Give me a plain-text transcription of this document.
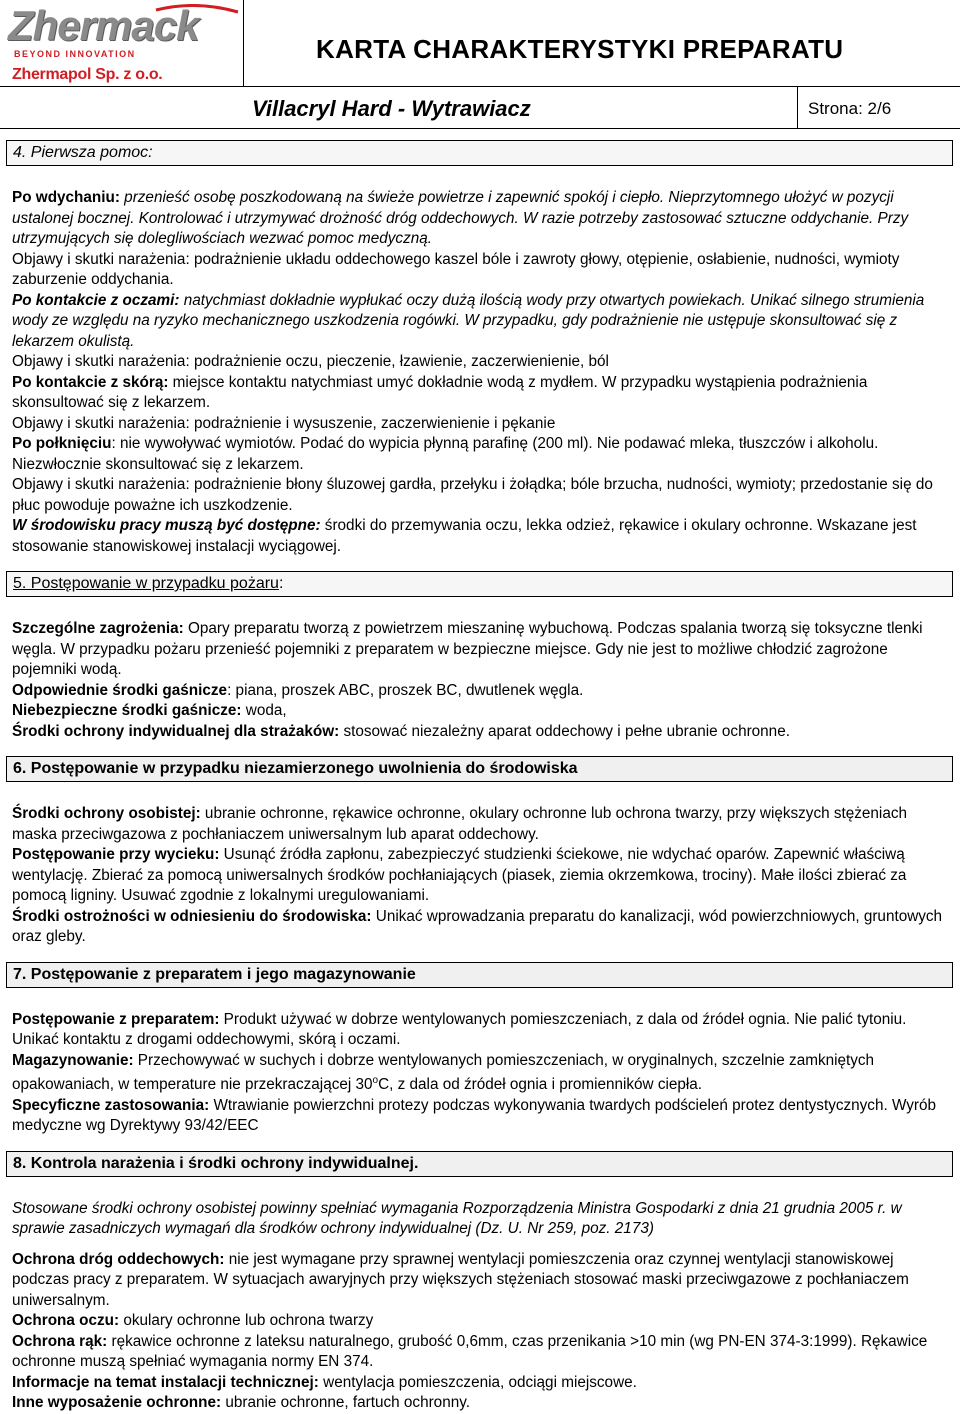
Zhermack
BEYOND INNOVATION
Zhermapol Sp. z o.o.
KARTA CHARAKTERYSTYKI PREPARATU
Villacryl Hard - Wytrawiacz	Strona: 2/6
4. Pierwsza pomoc:

Po wdychaniu: przenieść osobę poszkodowaną na świeże powietrze i zapewnić spokój i ciepło. Nieprzytomnego ułożyć w pozycji ustalonej bocznej. Kontrolować i utrzymywać drożność dróg oddechowych. W razie potrzeby zastosować sztuczne oddychanie. Przy utrzymujących się dolegliwościach wezwać pomoc medyczną.

Objawy i skutki narażenia: podrażnienie układu oddechowego kaszel bóle i zawroty głowy, otępienie, osłabienie, nudności, wymioty zaburzenie oddychania.

Po kontakcie z oczami: natychmiast dokładnie wypłukać oczy dużą ilością wody przy otwartych powiekach. Unikać silnego strumienia wody ze względu na ryzyko mechanicznego uszkodzenia rogówki. W przypadku, gdy podrażnienie nie ustępuje skonsultować się z lekarzem okulistą.

Objawy i skutki narażenia: podrażnienie oczu, pieczenie, łzawienie, zaczerwienienie, ból

Po kontakcie z skórą: miejsce kontaktu natychmiast umyć dokładnie wodą z mydłem. W przypadku wystąpienia podrażnienia skonsultować się z lekarzem.

Objawy i skutki narażenia: podrażnienie i wysuszenie, zaczerwienienie i pękanie

Po połknięciu: nie wywoływać wymiotów. Podać do wypicia płynną parafinę (200 ml). Nie podawać mleka, tłuszczów i alkoholu. Niezwłocznie skonsultować się z lekarzem.

Objawy i skutki narażenia: podrażnienie błony śluzowej gardła, przełyku i żołądka; bóle brzucha, nudności, wymioty; przedostanie się do płuc powoduje poważne ich uszkodzenie.

W środowisku pracy muszą być dostępne: środki do przemywania oczu, lekka odzież, rękawice i okulary ochronne. Wskazane jest stosowanie stanowiskowej instalacji wyciągowej.

5. Postępowanie w przypadku pożaru:

Szczególne zagrożenia: Opary preparatu tworzą z powietrzem mieszaninę wybuchową. Podczas spalania tworzą się toksyczne tlenki węgla. W przypadku pożaru przenieść pojemniki z preparatem w bezpieczne miejsce. Gdy nie jest to możliwe chłodzić zagrożone pojemniki wodą.

Odpowiednie środki gaśnicze: piana, proszek ABC, proszek BC, dwutlenek węgla.

Niebezpieczne środki gaśnicze: woda,

Środki ochrony indywidualnej dla strażaków: stosować niezależny aparat oddechowy i pełne ubranie ochronne.

6. Postępowanie w przypadku niezamierzonego uwolnienia do środowiska

Środki ochrony osobistej: ubranie ochronne, rękawice ochronne, okulary ochronne lub ochrona twarzy, przy większych stężeniach maska przeciwgazowa z pochłaniaczem uniwersalnym lub aparat oddechowy.

Postępowanie przy wycieku: Usunąć źródła zapłonu, zabezpieczyć studzienki ściekowe, nie wdychać oparów. Zapewnić właściwą wentylację. Zbierać za pomocą uniwersalnych środków pochłaniających (piasek, ziemia okrzemkowa, trociny). Małe ilości zbierać za pomocą ligniny. Usuwać zgodnie z lokalnymi uregulowaniami.

Środki ostrożności w odniesieniu do środowiska: Unikać wprowadzania preparatu do kanalizacji, wód powierzchniowych, gruntowych oraz gleby.

7. Postępowanie z preparatem i jego magazynowanie

Postępowanie z preparatem: Produkt używać w dobrze wentylowanych pomieszczeniach, z dala od źródeł ognia. Nie palić tytoniu. Unikać kontaktu z drogami oddechowymi, skórą i oczami.

Magazynowanie: Przechowywać w suchych i dobrze wentylowanych pomieszczeniach, w oryginalnych, szczelnie zamkniętych opakowaniach, w temperature nie przekraczającej 30$^o$C, z dala od źródeł ognia i promienników ciepła.

Specyficzne zastosowania: Wtrawianie powierzchni protezy podczas wykonywania twardych podścieleń protez dentystycznych. Wyrób medyczne wg Dyrektywy 93/42/EEC

8. Kontrola narażenia i środki ochrony indywidualnej.

Stosowane środki ochrony osobistej powinny spełniać wymagania Rozporządzenia Ministra Gospodarki z dnia 21 grudnia 2005 r. w sprawie zasadniczych wymagań dla środków ochrony indywidualnej (Dz. U. Nr 259, poz. 2173)

Ochrona dróg oddechowych: nie jest wymagane przy sprawnej wentylacji pomieszczenia oraz czynnej wentylacji stanowiskowej podczas pracy z preparatem. W sytuacjach awaryjnych przy większych stężeniach stosować maski przeciwgazowe z pochłaniaczem uniwersalnym.

Ochrona oczu: okulary ochronne lub ochrona twarzy

Ochrona rąk: rękawice ochronne z lateksu naturalnego, grubość 0,6mm, czas przenikania >10 min (wg PN-EN 374-3:1999). Rękawice ochronne muszą spełniać wymagania normy EN 374.

Informacje na temat instalacji technicznej: wentylacja pomieszczenia, odciągi miejscowe.

Inne wyposażenie ochronne: ubranie ochronne, fartuch ochronny.
